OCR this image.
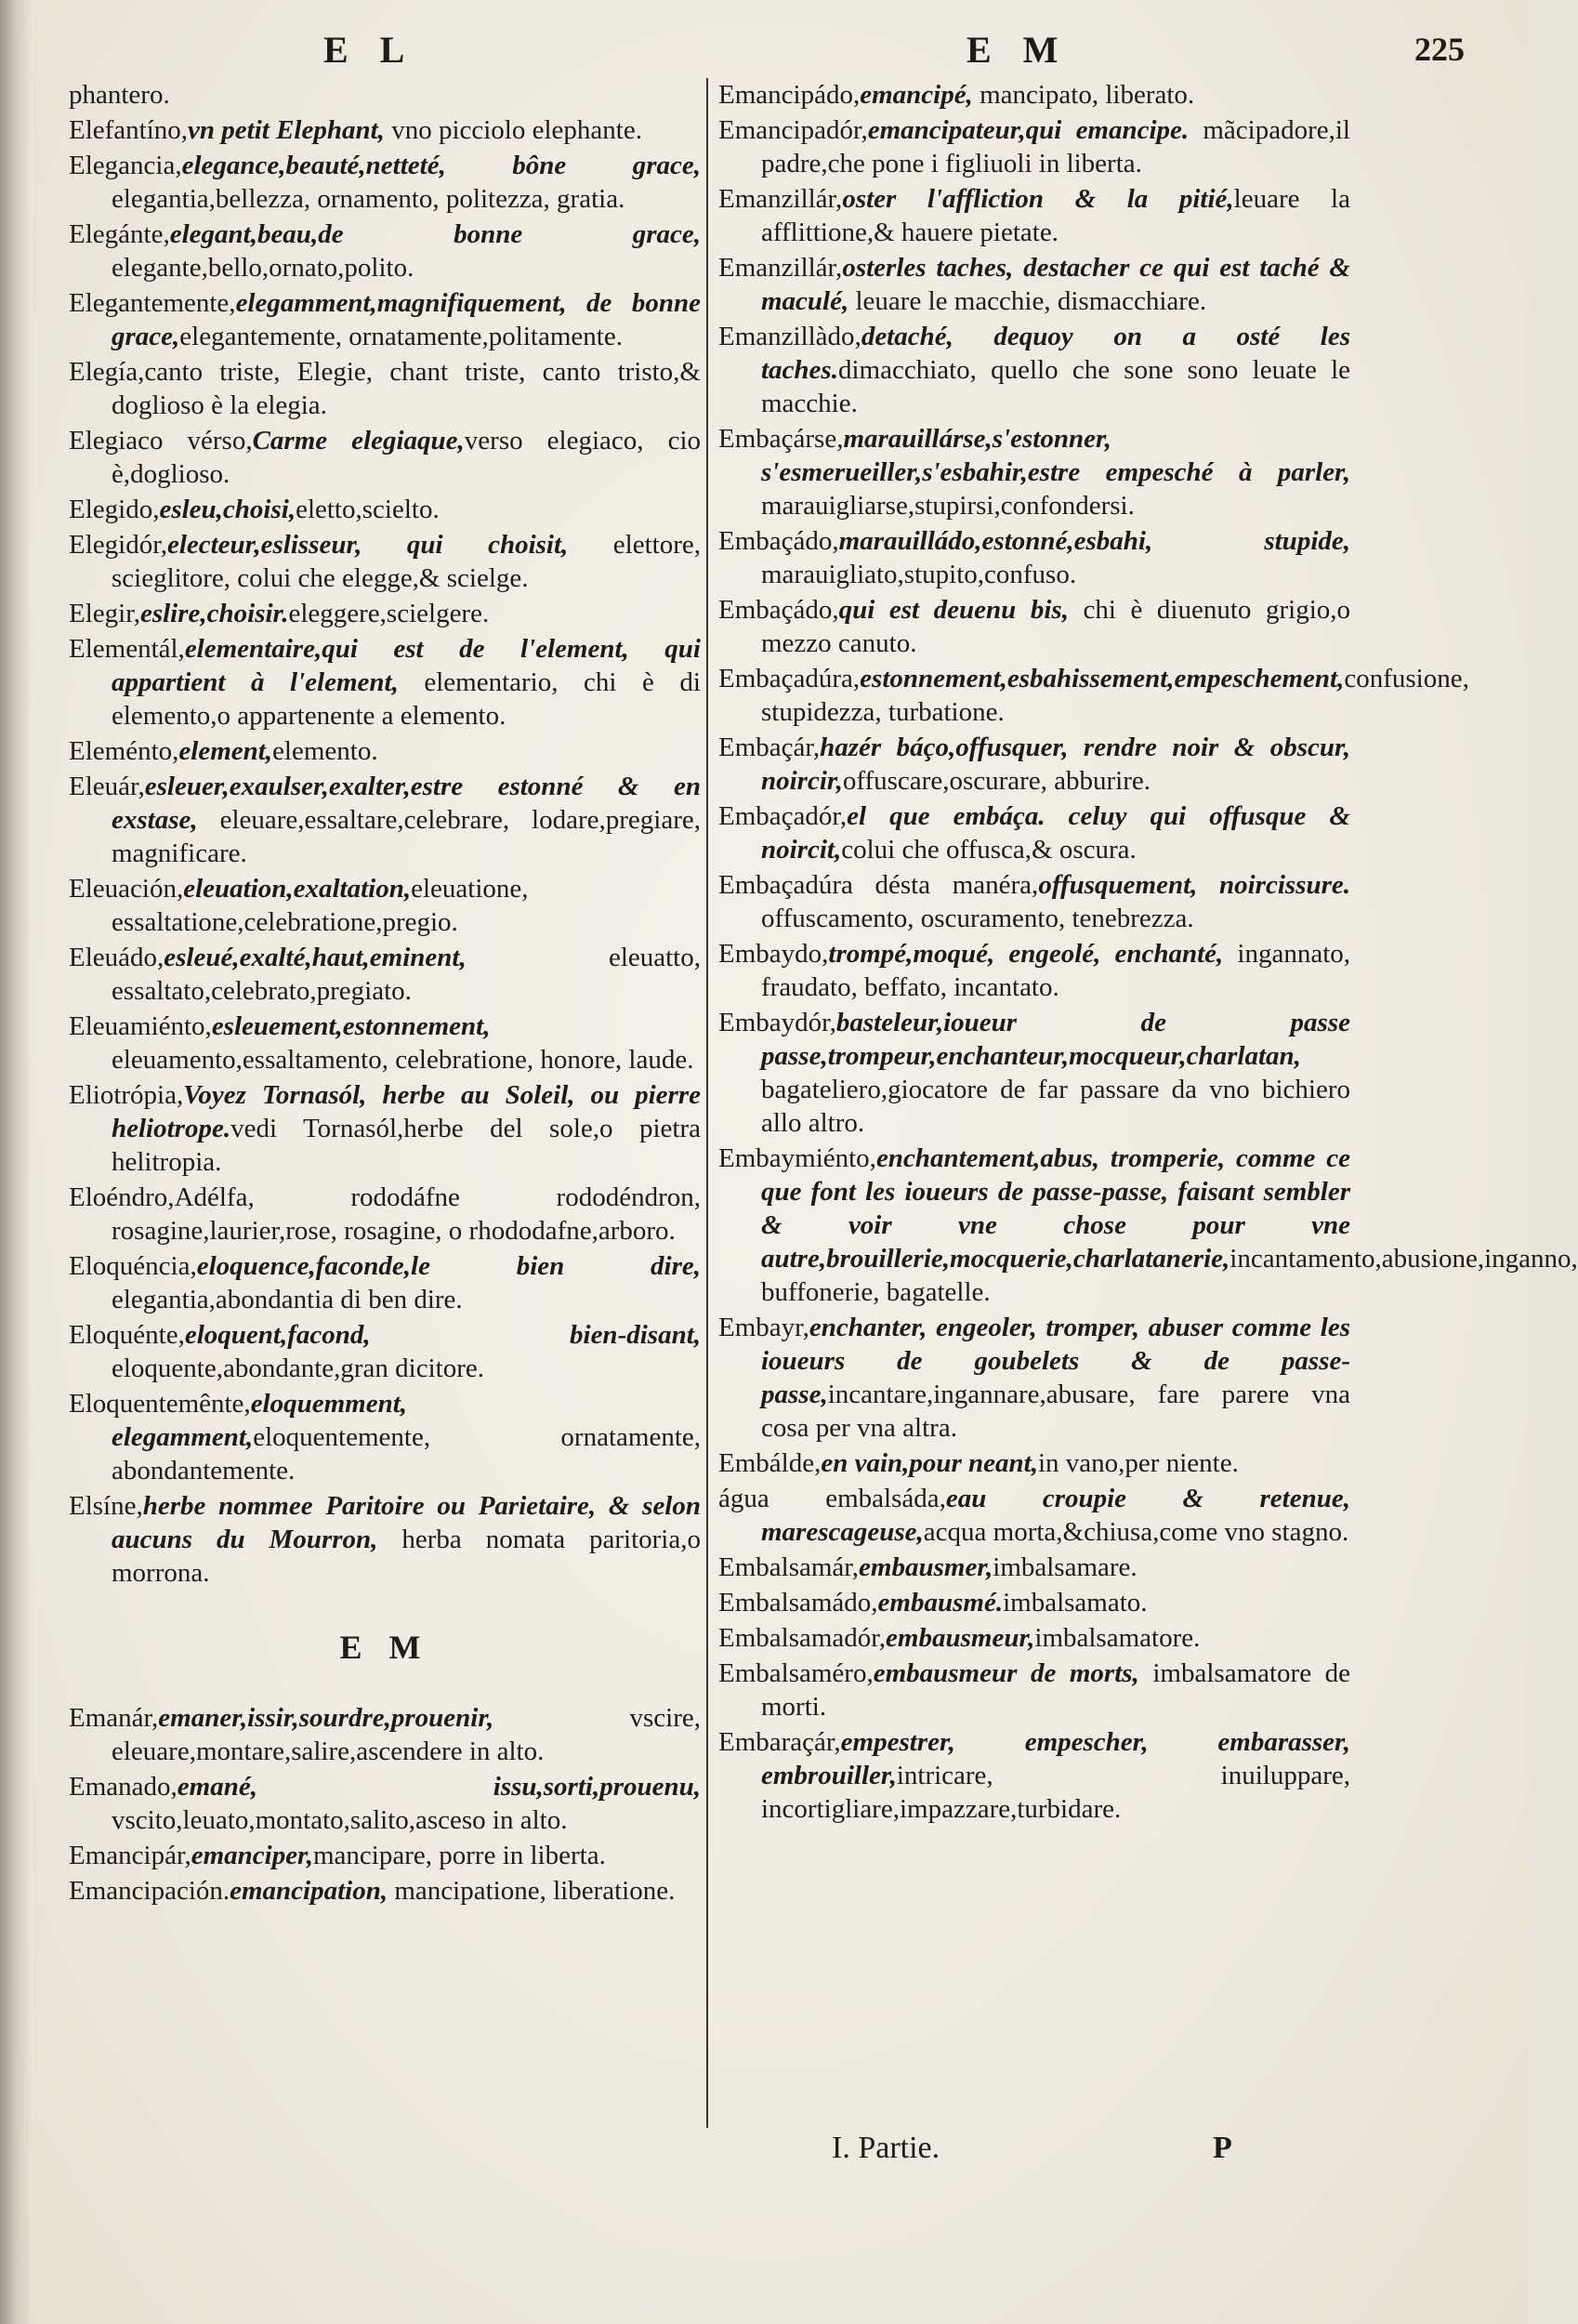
E L	E M	225

phantero.

Elefantíno,vn petit Elephant, vno picciolo elephante.

Elegancia,elegance,beauté,netteté, bône grace, elegantia,bellezza, ornamento, politezza, gratia.

Elegánte,elegant,beau,de bonne grace, elegante,bello,ornato,polito.

Elegantemente,elegamment,magnifiquement, de bonne grace,elegantemente, ornatamente,politamente.

Elegía,canto triste, Elegie, chant triste, canto tristo,& doglioso è la elegia.

Elegiaco vérso,Carme elegiaque,verso elegiaco, cio è,doglioso.

Elegido,esleu,choisi,eletto,scielto.

Elegidór,electeur,eslisseur, qui choisit, elettore, scieglitore, colui che elegge,& scielge.

Elegir,eslire,choisir.eleggere,scielgere.

Elementál,elementaire,qui est de l'element, qui appartient à l'element, elementario, chi è di elemento,o appartenente a elemento.

Eleménto,element,elemento.

Eleuár,esleuer,exaulser,exalter,estre estonné & en exstase, eleuare,essaltare,celebrare, lodare,pregiare, magnificare.

Eleuación,eleuation,exaltation,eleuatione, essaltatione,celebratione,pregio.

Eleuádo,esleué,exalté,haut,eminent, eleuatto, essaltato,celebrato,pregiato.

Eleuamiénto,esleuement,estonnement, eleuamento,essaltamento, celebratione, honore, laude.

Eliotrópia,Voyez Tornasól, herbe au Soleil, ou pierre heliotrope.vedi Tornasól,herbe del sole,o pietra helitropia.

Eloéndro,Adélfa, rododáfne rododéndron, rosagine,laurier,rose, rosagine, o rhododafne,arboro.

Eloquéncia,eloquence,faconde,le bien dire, elegantia,abondantia di ben dire.

Eloquénte,eloquent,facond, bien-disant, eloquente,abondante,gran dicitore.

Eloquentemênte,eloquemment, elegamment,eloquentemente, ornatamente, abondantemente.

Elsíne,herbe nommee Paritoire ou Parietaire, & selon aucuns du Mourron, herba nomata paritoria,o morrona.

E M

Emanár,emaner,issir,sourdre,prouenir, vscire, eleuare,montare,salire,ascendere in alto.

Emanado,emané, issu,sorti,prouenu, vscito,leuato,montato,salito,asceso in alto.

Emancipár,emanciper,mancipare, porre in liberta.

Emancipación.emancipation, mancipatione, liberatione.

Emancipádo,emancipé, mancipato, liberato.

Emancipadór,emancipateur,qui emancipe. mãcipadore,il padre,che pone i figliuoli in liberta.

Emanzillár,oster l'affliction & la pitié,leuare la afflittione,& hauere pietate.

Emanzillár,osterles taches, destacher ce qui est taché & maculé, leuare le macchie, dismacchiare.

Emanzillàdo,detaché, dequoy on a osté les taches.dimacchiato, quello che sone sono leuate le macchie.

Embaçárse,marauillárse,s'estonner, s'esmerueiller,s'esbahir,estre empesché à parler, marauigliarse,stupirsi,confondersi.

Embaçádo,marauilládo,estonné,esbahi, stupide, marauigliato,stupito,confuso.

Embaçádo,qui est deuenu bis, chi è diuenuto grigio,o mezzo canuto.

Embaçadúra,estonnement,esbahissement,empeschement,confusione, stupidezza, turbatione.

Embaçár,hazér báço,offusquer, rendre noir & obscur, noircir,offuscare,oscurare, abburire.

Embaçadór,el que embáça. celuy qui offusque & noircit,colui che offusca,& oscura.

Embaçadúra désta manéra,offusquement, noircissure. offuscamento, oscuramento, tenebrezza.

Embaydo,trompé,moqué, engeolé, enchanté, ingannato, fraudato, beffato, incantato.

Embaydór,basteleur,ioueur de passe passe,trompeur,enchanteur,mocqueur,charlatan, bagateliero,giocatore de far passare da vno bichiero allo altro.

Embaymiénto,enchantement,abus, tromperie, comme ce que font les ioueurs de passe-passe, faisant sembler & voir vne chose pour vne autre,brouillerie,mocquerie,charlatanerie,incantamento,abusione,inganno, buffonerie, bagatelle.

Embayr,enchanter, engeoler, tromper, abuser comme les ioueurs de goubelets & de passe-passe,incantare,ingannare,abusare, fare parere vna cosa per vna altra.

Embálde,en vain,pour neant,in vano,per niente.

água embalsáda,eau croupie & retenue, marescageuse,acqua morta,&chiusa,come vno stagno.

Embalsamár,embausmer,imbalsamare.

Embalsamádo,embausmé.imbalsamato.

Embalsamadór,embausmeur,imbalsamatore.

Embalsaméro,embausmeur de morts, imbalsamatore de morti.

Embaraçár,empestrer, empescher, embarasser, embrouiller,intricare, inuiluppare, incortigliare,impazzare,turbidare.

I. Partie.	P
